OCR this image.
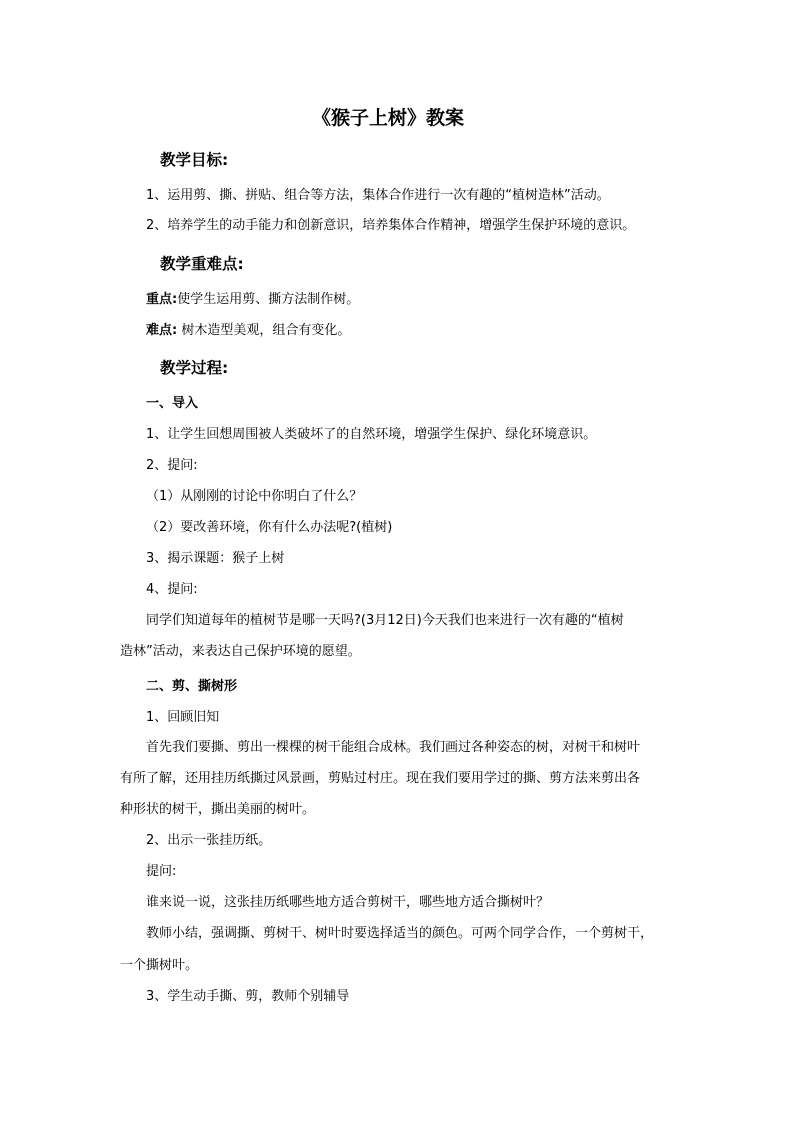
《猴子上树》教案
教学目标:
1、运用剪、撕、拼贴、组合等方法，集体合作进行一次有趣的“植树造林”活动。
2、培养学生的动手能力和创新意识，培养集体合作精神，增强学生保护环境的意识。
教学重难点:
重点:使学生运用剪、撕方法制作树。
难点: 树木造型美观，组合有变化。
教学过程:
一、导入
1、让学生回想周围被人类破坏了的自然环境，增强学生保护、绿化环境意识。
2、提问:
（1）从刚刚的讨论中你明白了什么？
（2）要改善环境，你有什么办法呢?(植树)
3、揭示课题：猴子上树
4、提问:
同学们知道每年的植树节是哪一天吗?(3月12日)今天我们也来进行一次有趣的“植树
造林”活动，来表达自己保护环境的愿望。
二、剪、撕树形
1、回顾旧知
首先我们要撕、剪出一棵棵的树干能组合成林。我们画过各种姿态的树，对树干和树叶
有所了解，还用挂历纸撕过风景画，剪贴过村庄。现在我们要用学过的撕、剪方法来剪出各
种形状的树干，撕出美丽的树叶。
2、出示一张挂历纸。
提问:
谁来说一说，这张挂历纸哪些地方适合剪树干，哪些地方适合撕树叶？
教师小结，强调撕、剪树干、树叶时要选择适当的颜色。可两个同学合作，一个剪树干，
一个撕树叶。
3、学生动手撕、剪，教师个别辅导
